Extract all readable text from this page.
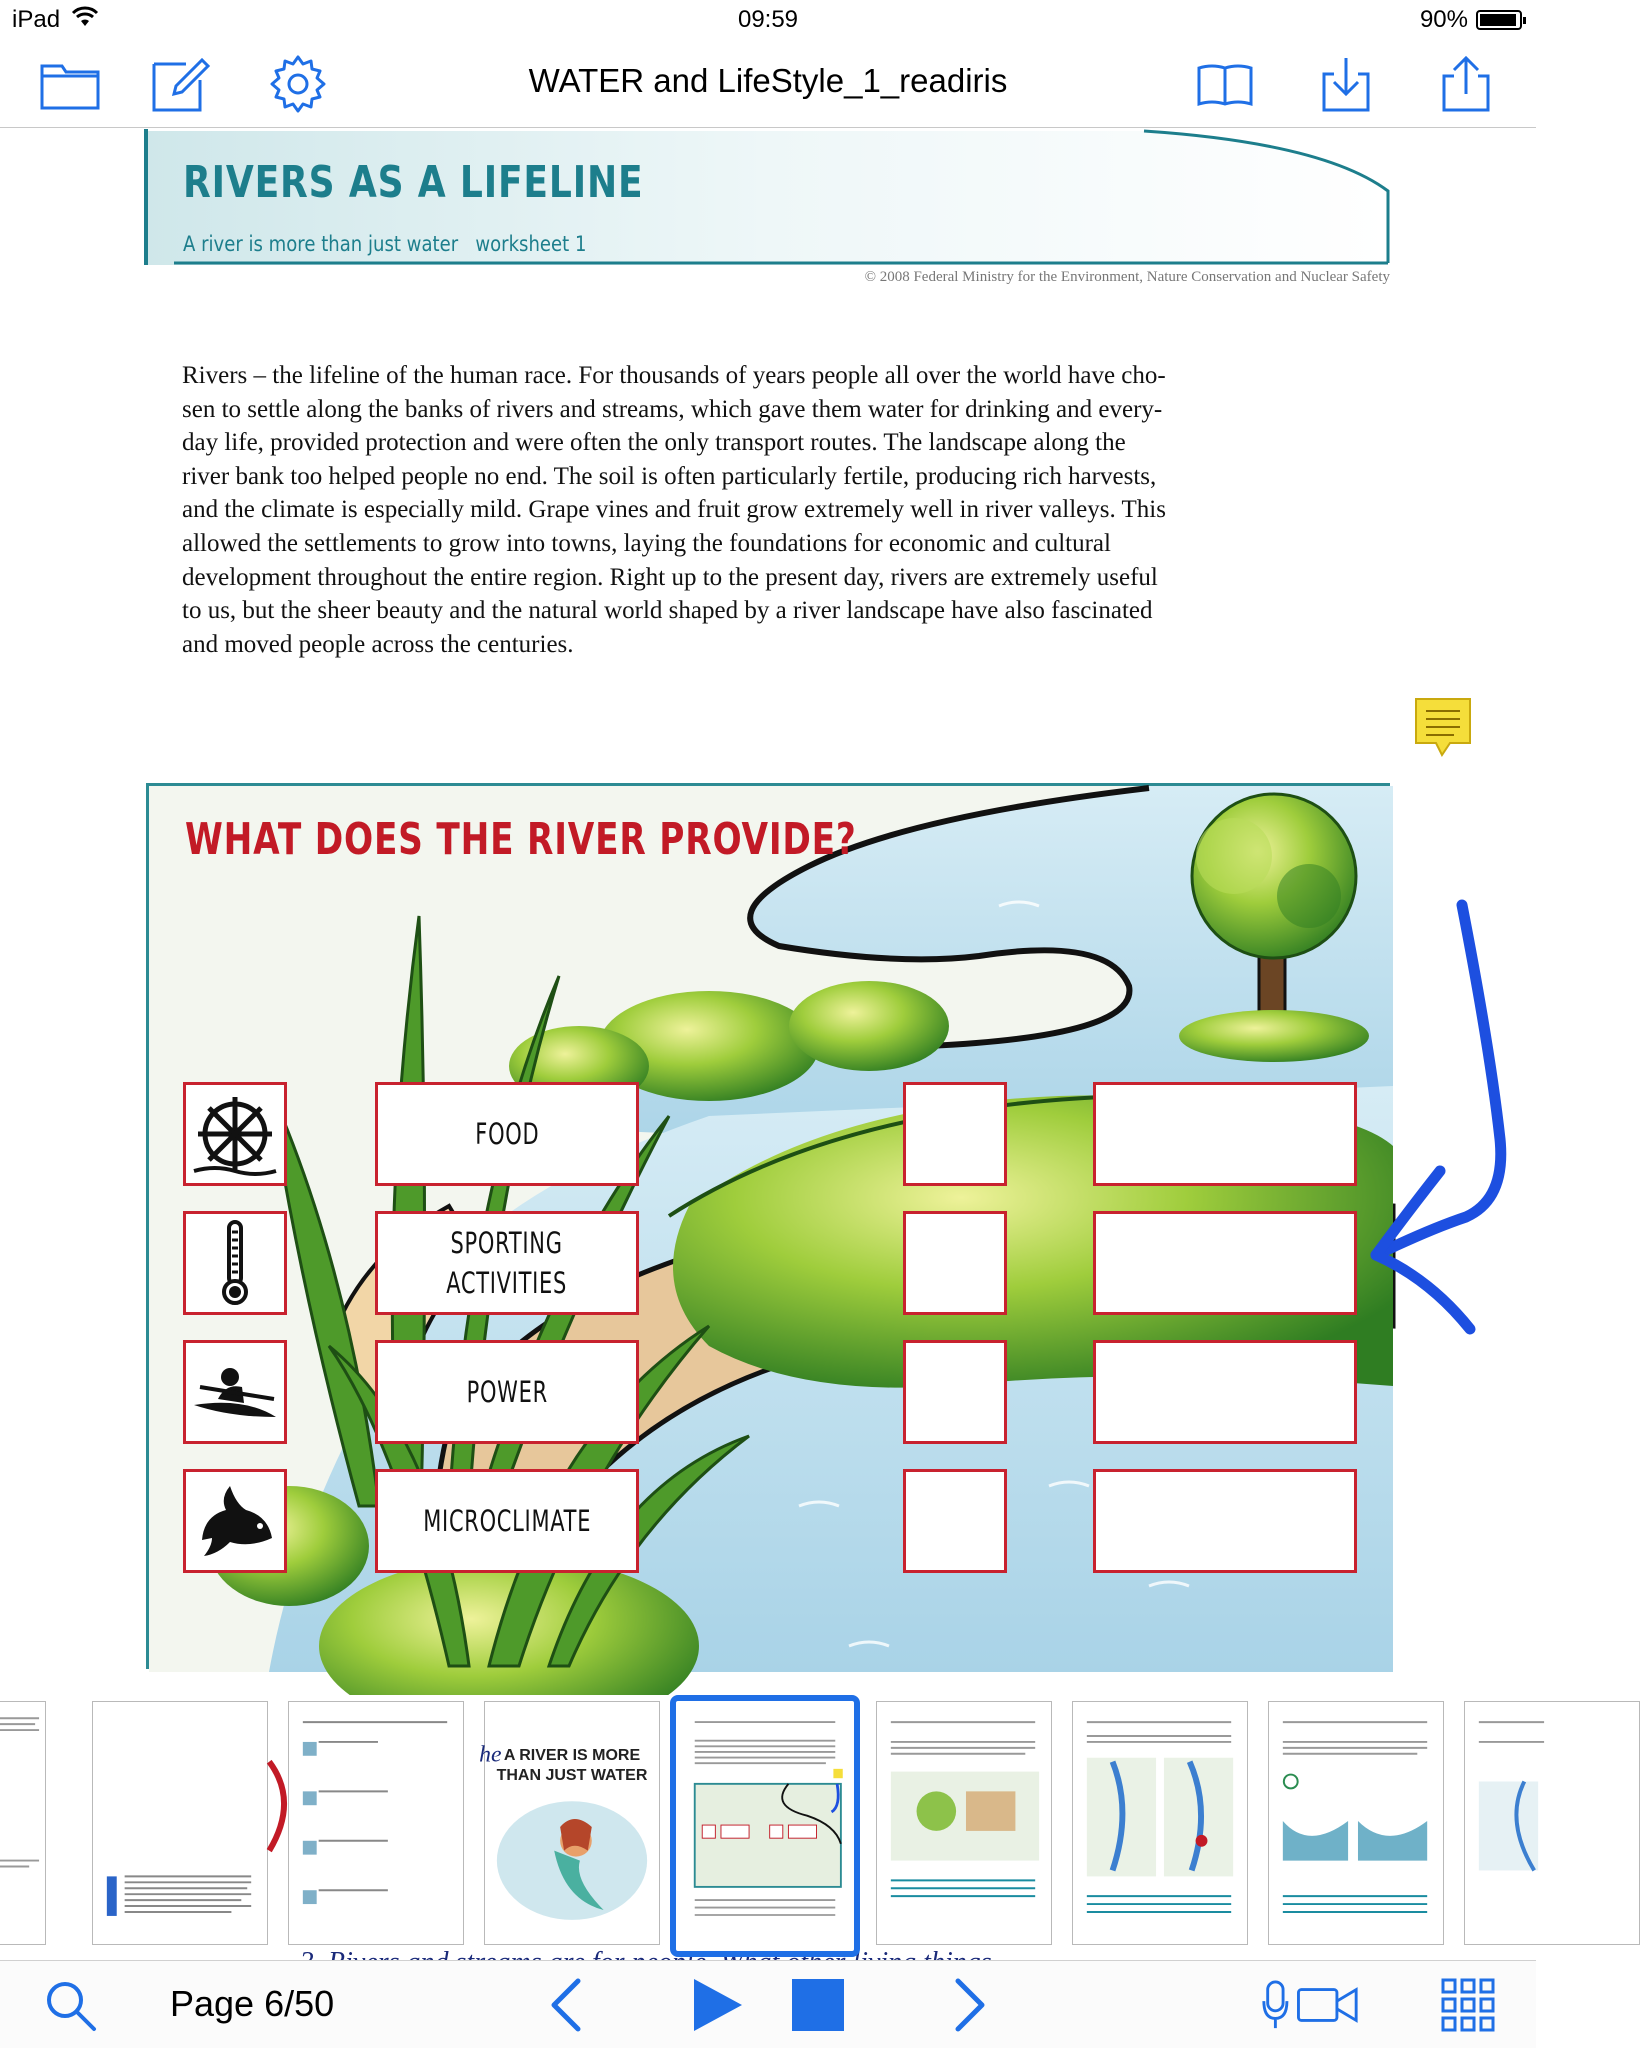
iPad	09:59	90%
WATER and LifeStyle_1_readiris
RIVERS AS A LIFELINE
A river is more than just water   worksheet 1
© 2008 Federal Ministry for the Environment, Nature Conservation and Nuclear Safety
Rivers – the lifeline of the human race. For thousands of years people all over the world have cho-
sen to settle along the banks of rivers and streams, which gave them water for drinking and every-
day life, provided protection and were often the only transport routes. The landscape along the
river bank too helped people no end. The soil is often particularly fertile, producing rich harvests,
and the climate is especially mild. Grape vines and fruit grow extremely well in river valleys. This
allowed the settlements to grow into towns, laying the foundations for economic and cultural
development throughout the entire region. Right up to the present day, rivers are extremely useful
to us, but the sheer beauty and the natural world shaped by a river landscape have also fascinated
and moved people across the centuries.
WHAT DOES THE RIVER PROVIDE?
FOOD
SPORTING
ACTIVITIES
POWER
MICROCLIMATE
he A RIVER IS MORE
THAN JUST WATER
Page 6/50
